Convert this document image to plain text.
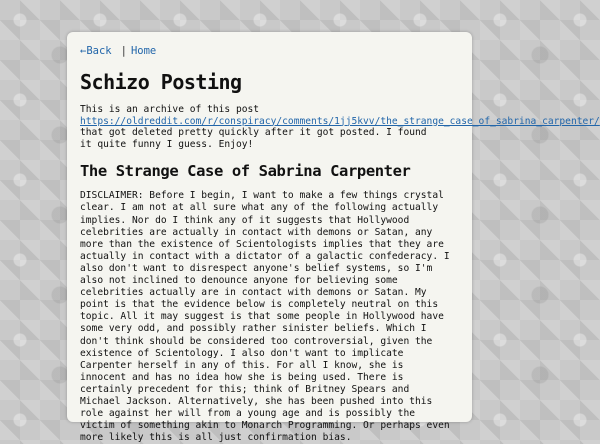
←Back | Home
Schizo Posting

This is an archive of this post
https://oldreddit.com/r/conspiracy/comments/1jj5kvv/the_strange_case_of_sabrina_carpenter/
that got deleted pretty quickly after it got posted. I found it quite funny I guess. Enjoy!

The Strange Case of Sabrina Carpenter

DISCLAIMER: Before I begin, I want to make a few things crystal clear. I am not at all sure what any of the following actually implies. Nor do I think any of it suggests that Hollywood celebrities are actually in contact with demons or Satan, any more than the existence of Scientologists implies that they are actually in contact with a dictator of a galactic confederacy. I also don't want to disrespect anyone's belief systems, so I'm also not inclined to denounce anyone for believing some celebrities actually are in contact with demons or Satan. My point is that the evidence below is completely neutral on this topic. All it may suggest is that some people in Hollywood have some very odd, and possibly rather sinister beliefs. Which I don't think should be considered too controversial, given the existence of Scientology. I also don't want to implicate Carpenter herself in any of this. For all I know, she is innocent and has no idea how she is being used. There is certainly precedent for this; think of Britney Spears and Michael Jackson. Alternatively, she has been pushed into this role against her will from a young age and is possibly the victim of something akin to Monarch Programming. Or perhaps even more likely this is all just confirmation bias.
